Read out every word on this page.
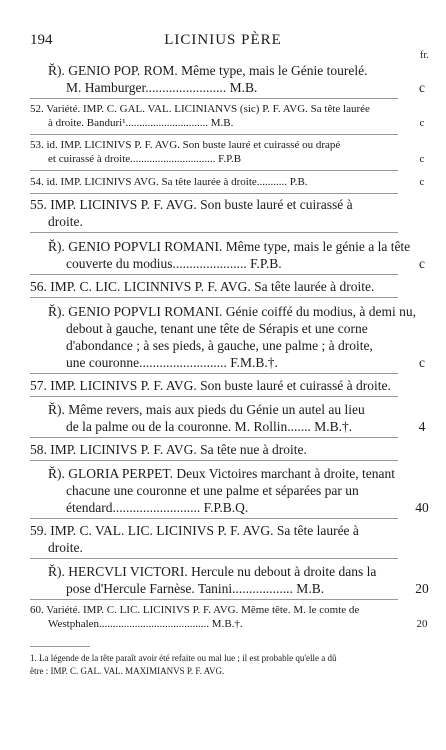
194	LICINIUS PÈRE
fr.
Ř). GENIO POP. ROM. Même type, mais le Génie tourelé.
M. Hamburger........................ M.B.	c
52. Variété. IMP. C. GAL. VAL. LICINIANVS (sic) P. F. AVG. Sa tête laurée
à droite. Banduri¹.............................. M.B.	c
53. id. IMP. LICINIVS P. F. AVG. Son buste lauré et cuirassé ou drapé
et cuirassé à droite............................... F.P.B	c
54. id. IMP. LICINIVS AVG. Sa tête laurée à droite........... P.B.	c
55. IMP. LICINIVS P. F. AVG. Son buste lauré et cuirassé à
droite.
Ř). GENIO POPVLI ROMANI. Même type, mais le génie a la tête
couverte du modius...................... F.P.B.	c
56. IMP. C. LIC. LICINNIVS P. F. AVG. Sa tête laurée à droite.
Ř). GENIO POPVLI ROMANI. Génie coiffé du modius, à demi nu,
debout à gauche, tenant une tête de Sérapis et une corne
d'abondance ; à ses pieds, à gauche, une palme ; à droite,
une couronne.......................... F.M.B.†.	c
57. IMP. LICINIVS P. F. AVG. Son buste lauré et cuirassé à droite.
Ř). Même revers, mais aux pieds du Génie un autel au lieu
de la palme ou de la couronne. M. Rollin....... M.B.†.	4
58. IMP. LICINIVS P. F. AVG. Sa tête nue à droite.
Ř). GLORIA PERPET. Deux Victoires marchant à droite, tenant
chacune une couronne et une palme et séparées par un
étendard.......................... F.P.B.Q.	40
59. IMP. C. VAL. LIC. LICINIVS P. F. AVG. Sa tête laurée à
droite.
Ř). HERCVLI VICTORI. Hercule nu debout à droite dans la
pose d'Hercule Farnèse. Tanini.................. M.B.	20
60. Variété. IMP. C. LIC. LICINIVS P. F. AVG. Même tête. M. le comte de
Westphalen........................................ M.B.†.	20
1. La légende de la tête paraît avoir été refaite ou mal lue ; il est probable qu'elle a dû
être : IMP. C. GAL. VAL. MAXIMIANVS P. F. AVG.
